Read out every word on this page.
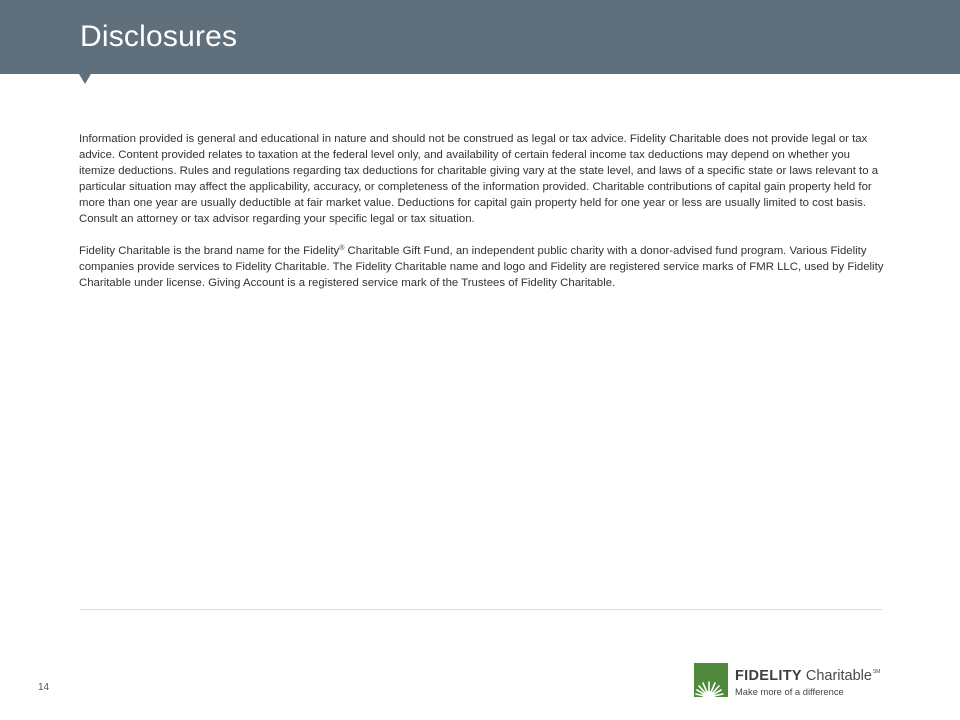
Disclosures

Information provided is general and educational in nature and should not be construed as legal or tax advice. Fidelity Charitable does not provide legal or tax advice. Content provided relates to taxation at the federal level only, and availability of certain federal income tax deductions may depend on whether you itemize deductions. Rules and regulations regarding tax deductions for charitable giving vary at the state level, and laws of a specific state or laws relevant to a particular situation may affect the applicability, accuracy, or completeness of the information provided. Charitable contributions of capital gain property held for more than one year are usually deductible at fair market value. Deductions for capital gain property held for one year or less are usually limited to cost basis. Consult an attorney or tax advisor regarding your specific legal or tax situation.

Fidelity Charitable is the brand name for the Fidelity® Charitable Gift Fund, an independent public charity with a donor-advised fund program. Various Fidelity companies provide services to Fidelity Charitable. The Fidelity Charitable name and logo and Fidelity are registered service marks of FMR LLC, used by Fidelity Charitable under license. Giving Account is a registered service mark of the Trustees of Fidelity Charitable.

14
FIDELITY Charitable℠
Make more of a difference
